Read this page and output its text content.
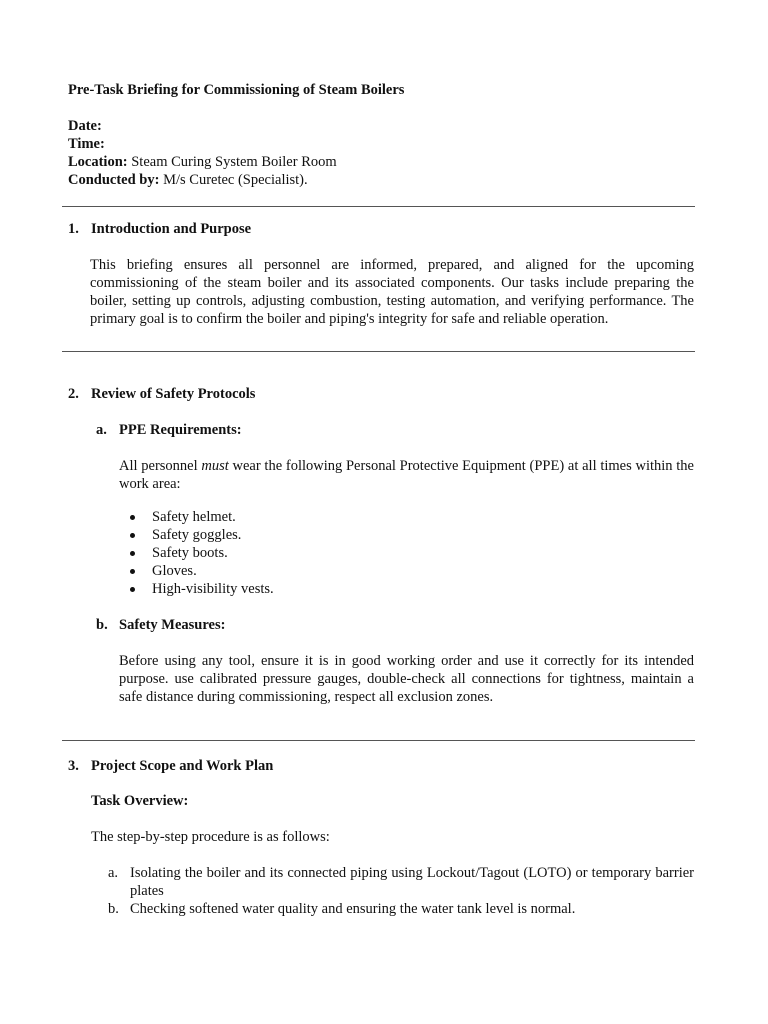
Pre-Task Briefing for Commissioning of Steam Boilers
Date:
Time:
Location: Steam Curing System Boiler Room
Conducted by: M/s Curetec (Specialist).
1. Introduction and Purpose
This briefing ensures all personnel are informed, prepared, and aligned for the upcoming commissioning of the steam boiler and its associated components. Our tasks include preparing the boiler, setting up controls, adjusting combustion, testing automation, and verifying performance. The primary goal is to confirm the boiler and piping's integrity for safe and reliable operation.
2. Review of Safety Protocols
a. PPE Requirements:
All personnel must wear the following Personal Protective Equipment (PPE) at all times within the work area:
Safety helmet.
Safety goggles.
Safety boots.
Gloves.
High-visibility vests.
b. Safety Measures:
Before using any tool, ensure it is in good working order and use it correctly for its intended purpose. use calibrated pressure gauges, double-check all connections for tightness, maintain a safe distance during commissioning, respect all exclusion zones.
3. Project Scope and Work Plan
Task Overview:
The step-by-step procedure is as follows:
a. Isolating the boiler and its connected piping using Lockout/Tagout (LOTO) or temporary barrier plates
b. Checking softened water quality and ensuring the water tank level is normal.
